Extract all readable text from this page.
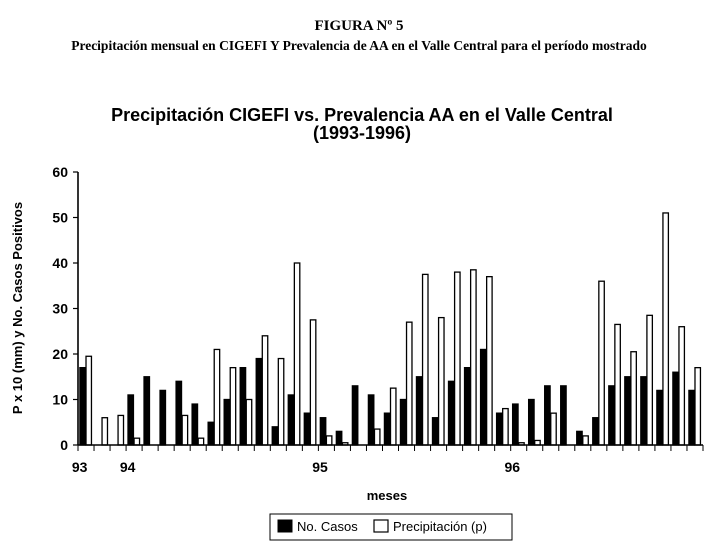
FIGURA Nº 5
Precipitación mensual en CIGEFI Y Prevalencia de AA en el Valle Central para el período mostrado
Precipitación CIGEFI vs. Prevalencia AA en el Valle Central
(1993-1996)
0
10
20
30
40
50
60
93 94	95	96
meses
P x 10 (mm) y No. Casos Positivos
No. Casos	Precipitación (p)
